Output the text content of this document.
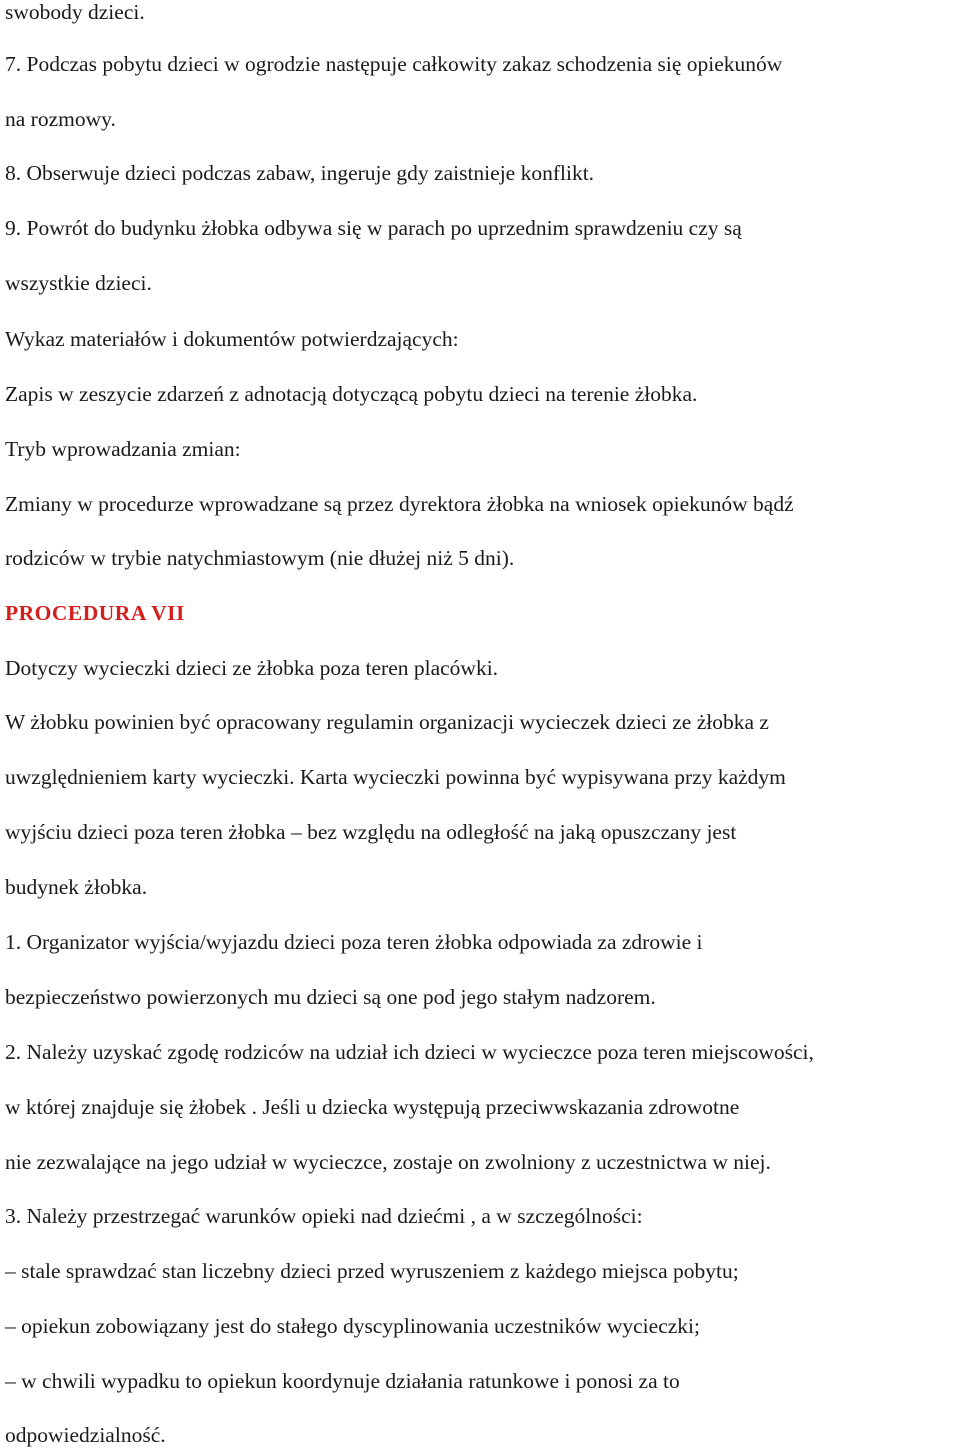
swobody dzieci.

7. Podczas pobytu dzieci w ogrodzie następuje całkowity zakaz schodzenia się opiekunów

na rozmowy.

8. Obserwuje dzieci podczas zabaw, ingeruje gdy zaistnieje konflikt.

9. Powrót do budynku żłobka odbywa się w parach po uprzednim sprawdzeniu czy są

wszystkie dzieci.

Wykaz materiałów i dokumentów potwierdzających:

Zapis w zeszycie zdarzeń z adnotacją dotyczącą pobytu dzieci na terenie żłobka.

Tryb wprowadzania zmian:

Zmiany w procedurze wprowadzane są przez dyrektora żłobka na wniosek opiekunów bądź

rodziców w trybie natychmiastowym (nie dłużej niż 5 dni).

PROCEDURA VII

Dotyczy wycieczki dzieci ze żłobka poza teren placówki.

W żłobku powinien być opracowany regulamin organizacji wycieczek dzieci ze żłobka z

uwzględnieniem karty wycieczki. Karta wycieczki powinna być wypisywana przy każdym

wyjściu dzieci poza teren żłobka – bez względu na odległość na jaką opuszczany jest

budynek żłobka.

1. Organizator wyjścia/wyjazdu dzieci poza teren żłobka odpowiada za zdrowie i

bezpieczeństwo powierzonych mu dzieci są one pod jego stałym nadzorem.

2. Należy uzyskać zgodę rodziców na udział ich dzieci w wycieczce poza teren miejscowości,

w której znajduje się żłobek . Jeśli u dziecka występują przeciwwskazania zdrowotne

nie zezwalające na jego udział w wycieczce, zostaje on zwolniony z uczestnictwa w niej.

3. Należy przestrzegać warunków opieki nad dziećmi , a w szczególności:

– stale sprawdzać stan liczebny dzieci przed wyruszeniem z każdego miejsca pobytu;

– opiekun zobowiązany jest do stałego dyscyplinowania uczestników wycieczki;

– w chwili wypadku to opiekun koordynuje działania ratunkowe i ponosi za to

odpowiedzialność.
